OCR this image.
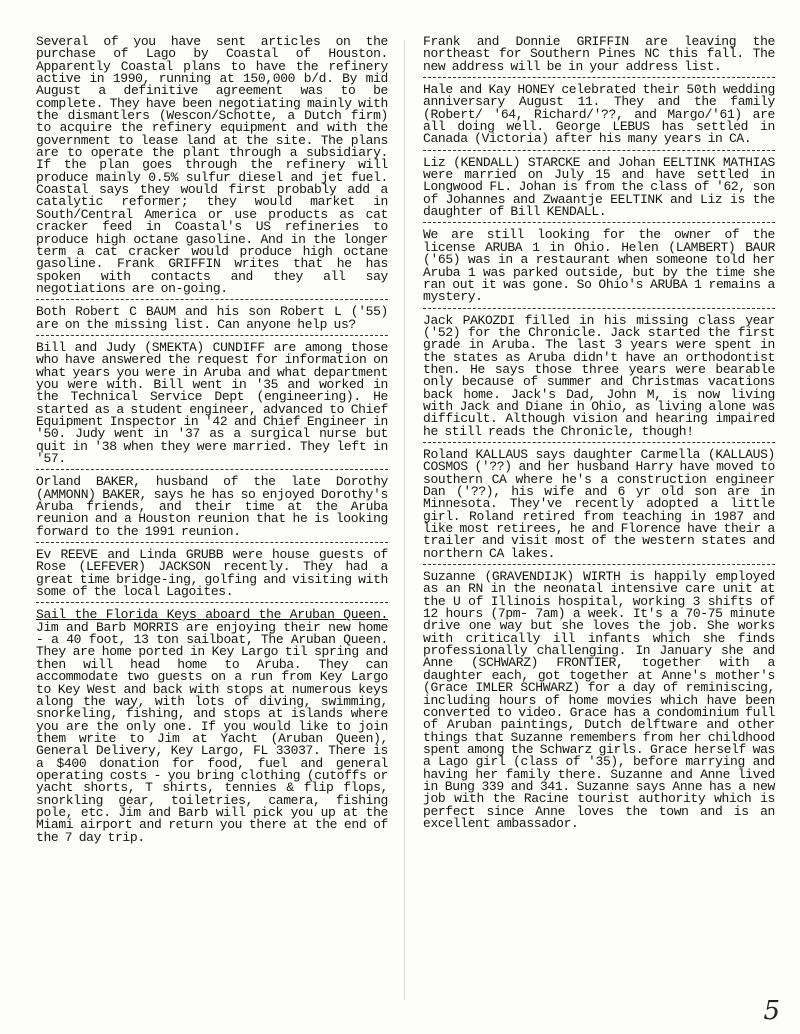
Several of you have sent articles on the purchase of Lago by Coastal of Houston. Apparently Coastal plans to have the refinery active in 1990, running at 150,000 b/d. By mid August a definitive agreement was to be complete. They have been negotiating mainly with the dismantlers (Wescon/Schotte, a Dutch firm) to acquire the refinery equipment and with the government to lease land at the site. The plans are to operate the plant through a subsidiary. If the plan goes through the refinery will produce mainly 0.5% sulfur diesel and jet fuel. Coastal says they would first probably add a catalytic reformer; they would market in South/Central America or use products as cat cracker feed in Coastal's US refineries to produce high octane gasoline. And in the longer term a cat cracker would produce high octane gasoline. Frank GRIFFIN writes that he has spoken with contacts and they all say negotiations are on-going.

Both Robert C BAUM and his son Robert L ('55) are on the missing list. Can anyone help us?

Bill and Judy (SMEKTA) CUNDIFF are among those who have answered the request for information on what years you were in Aruba and what department you were with. Bill went in '35 and worked in the Technical Service Dept (engineering). He started as a student engineer, advanced to Chief Equipment Inspector in '42 and Chief Engineer in '50. Judy went in '37 as a surgical nurse but quit in '38 when they were married. They left in '57.

Orland BAKER, husband of the late Dorothy (AMMONN) BAKER, says he has so enjoyed Dorothy's Aruba friends, and their time at the Aruba reunion and a Houston reunion that he is looking forward to the 1991 reunion.

Ev REEVE and Linda GRUBB were house guests of Rose (LEFEVER) JACKSON recently. They had a great time bridge-ing, golfing and visiting with some of the local Lagoites.

Sail the Florida Keys aboard the Aruban Queen. Jim and Barb MORRIS are enjoying their new home - a 40 foot, 13 ton sailboat, The Aruban Queen. They are home ported in Key Largo til spring and then will head home to Aruba. They can accommodate two guests on a run from Key Largo to Key West and back with stops at numerous keys along the way, with lots of diving, swimming, snorkeling, fishing, and stops at islands where you are the only one. If you would like to join them write to Jim at Yacht (Aruban Queen), General Delivery, Key Largo, FL 33037. There is a $400 donation for food, fuel and general operating costs - you bring clothing (cutoffs or yacht shorts, T shirts, tennies & flip flops, snorkling gear, toiletries, camera, fishing pole, etc. Jim and Barb will pick you up at the Miami airport and return you there at the end of the 7 day trip.

Frank and Donnie GRIFFIN are leaving the northeast for Southern Pines NC this fall. The new address will be in your address list.

Hale and Kay HONEY celebrated their 50th wedding anniversary August 11. They and the family (Robert/ '64, Richard/'??, and Margo/'61) are all doing well. George LEBUS has settled in Canada (Victoria) after his many years in CA.

Liz (KENDALL) STARCKE and Johan EELTINK MATHIAS were married on July 15 and have settled in Longwood FL. Johan is from the class of '62, son of Johannes and Zwaantje EELTINK and Liz is the daughter of Bill KENDALL.

We are still looking for the owner of the license ARUBA 1 in Ohio. Helen (LAMBERT) BAUR ('65) was in a restaurant when someone told her Aruba 1 was parked outside, but by the time she ran out it was gone. So Ohio's ARUBA 1 remains a mystery.

Jack PAKOZDI filled in his missing class year ('52) for the Chronicle. Jack started the first grade in Aruba. The last 3 years were spent in the states as Aruba didn't have an orthodontist then. He says those three years were bearable only because of summer and Christmas vacations back home. Jack's Dad, John M, is now living with Jack and Diane in Ohio, as living alone was difficult. Although vision and hearing impaired he still reads the Chronicle, though!

Roland KALLAUS says daughter Carmella (KALLAUS) COSMOS ('??) and her husband Harry have moved to southern CA where he's a construction engineer Dan ('??), his wife and 6 yr old son are in Minnesota. They've recently adopted a little girl. Roland retired from teaching in 1987 and like most retirees, he and Florence have their a trailer and visit most of the western states and northern CA lakes.

Suzanne (GRAVENDIJK) WIRTH is happily employed as an RN in the neonatal intensive care unit at the U of Illinois hospital, working 3 shifts of 12 hours (7pm- 7am) a week. It's a 70-75 minute drive one way but she loves the job. She works with critically ill infants which she finds professionally challenging. In January she and Anne (SCHWARZ) FRONTIER, together with a daughter each, got together at Anne's mother's (Grace IMLER SCHWARZ) for a day of reminiscing, including hours of home movies which have been converted to video. Grace has a condominium full of Aruban paintings, Dutch delftware and other things that Suzanne remembers from her childhood spent among the Schwarz girls. Grace herself was a Lago girl (class of '35), before marrying and having her family there. Suzanne and Anne lived in Bung 339 and 341. Suzanne says Anne has a new job with the Racine tourist authority which is perfect since Anne loves the town and is an excellent ambassador.

5
